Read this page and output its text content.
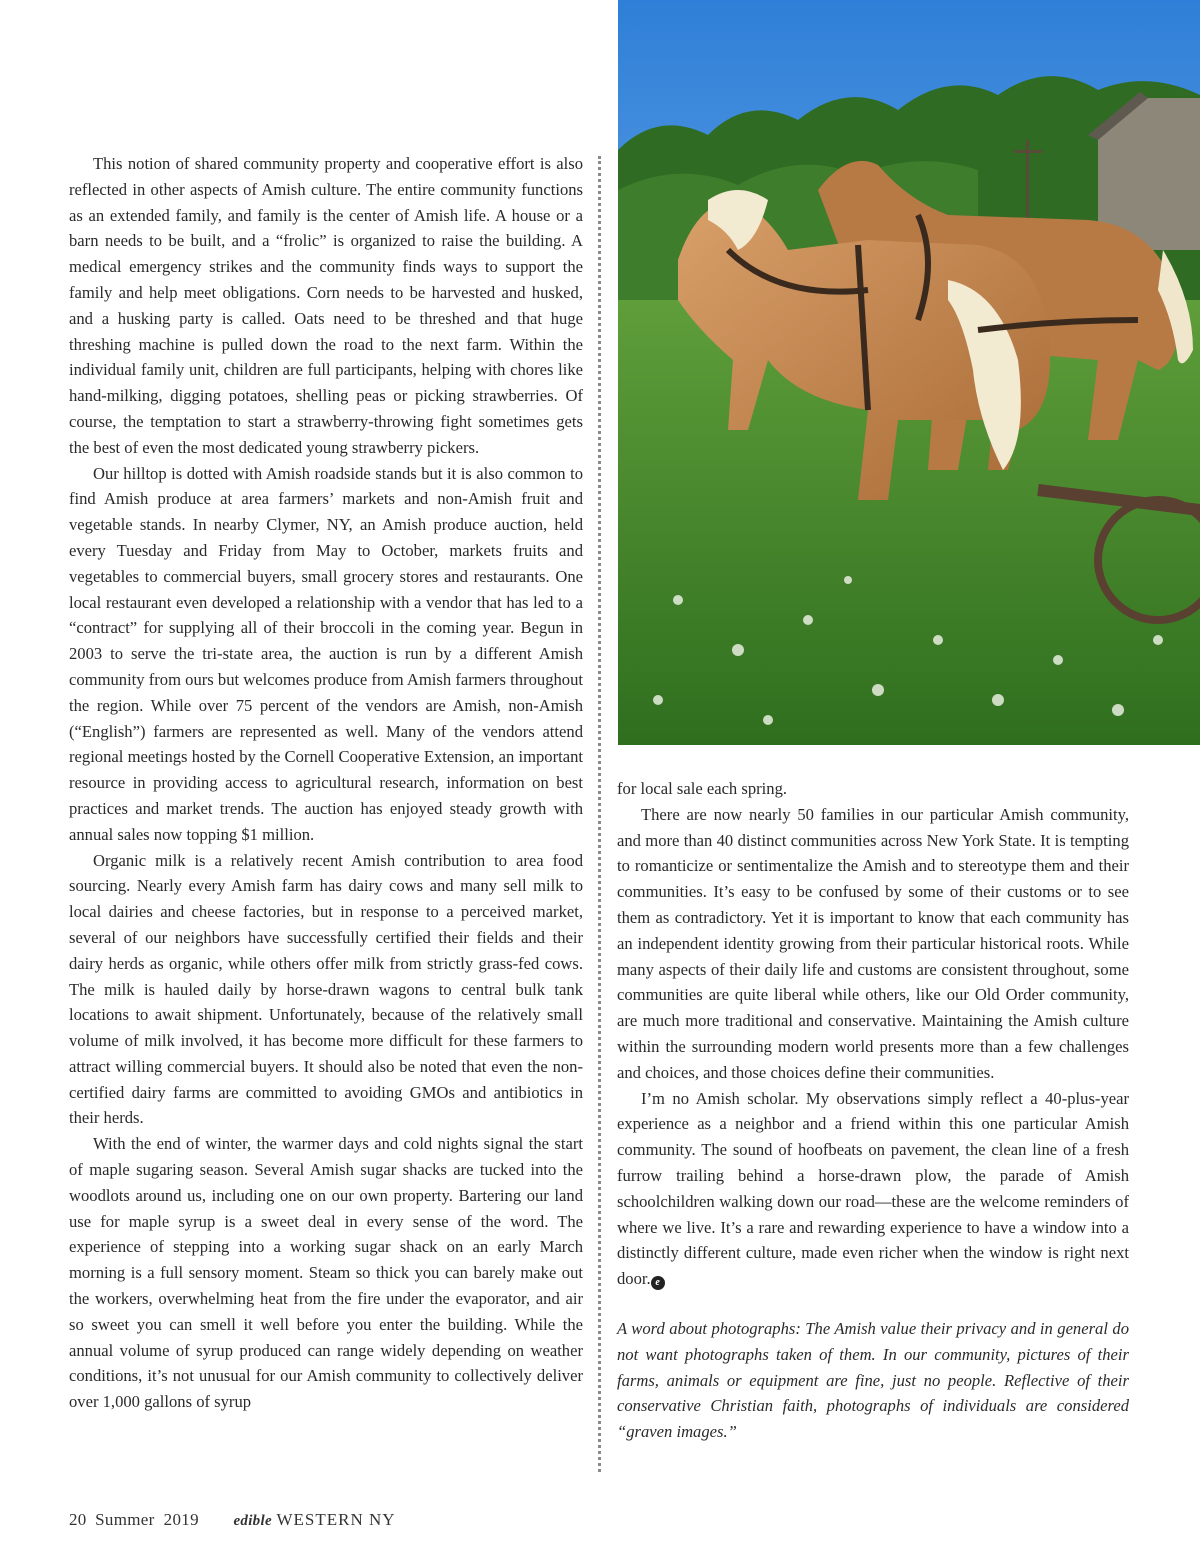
This notion of shared community property and cooperative effort is also reflected in other aspects of Amish culture. The entire community functions as an extended family, and family is the center of Amish life. A house or a barn needs to be built, and a “frolic” is organized to raise the building. A medical emergency strikes and the community finds ways to support the family and help meet obligations. Corn needs to be harvested and husked, and a husking party is called. Oats need to be threshed and that huge threshing machine is pulled down the road to the next farm. Within the individual family unit, children are full participants, helping with chores like hand-milking, digging potatoes, shelling peas or picking strawberries. Of course, the temptation to start a strawberry-throwing fight sometimes gets the best of even the most dedicated young strawberry pickers.

Our hilltop is dotted with Amish roadside stands but it is also common to find Amish produce at area farmers’ markets and non-Amish fruit and vegetable stands. In nearby Clymer, NY, an Amish produce auction, held every Tuesday and Friday from May to October, markets fruits and vegetables to commercial buyers, small grocery stores and restaurants. One local restaurant even developed a relationship with a vendor that has led to a “contract” for supplying all of their broccoli in the coming year. Begun in 2003 to serve the tri-state area, the auction is run by a different Amish community from ours but welcomes produce from Amish farmers throughout the region. While over 75 percent of the vendors are Amish, non-Amish (“English”) farmers are represented as well. Many of the vendors attend regional meetings hosted by the Cornell Cooperative Extension, an important resource in providing access to agricultural research, information on best practices and market trends. The auction has enjoyed steady growth with annual sales now topping $1 million.

Organic milk is a relatively recent Amish contribution to area food sourcing. Nearly every Amish farm has dairy cows and many sell milk to local dairies and cheese factories, but in response to a perceived market, several of our neighbors have successfully certified their fields and their dairy herds as organic, while others offer milk from strictly grass-fed cows. The milk is hauled daily by horse-drawn wagons to central bulk tank locations to await shipment. Unfortunately, because of the relatively small volume of milk involved, it has become more difficult for these farmers to attract willing commercial buyers. It should also be noted that even the non-certified dairy farms are committed to avoiding GMOs and antibiotics in their herds.

With the end of winter, the warmer days and cold nights signal the start of maple sugaring season. Several Amish sugar shacks are tucked into the woodlots around us, including one on our own property. Bartering our land use for maple syrup is a sweet deal in every sense of the word. The experience of stepping into a working sugar shack on an early March morning is a full sensory moment. Steam so thick you can barely make out the workers, overwhelming heat from the fire under the evaporator, and air so sweet you can smell it well before you enter the building. While the annual volume of syrup produced can range widely depending on weather conditions, it’s not unusual for our Amish community to collectively deliver over 1,000 gallons of syrup

for local sale each spring.

There are now nearly 50 families in our particular Amish community, and more than 40 distinct communities across New York State. It is tempting to romanticize or sentimentalize the Amish and to stereotype them and their communities. It’s easy to be confused by some of their customs or to see them as contradictory. Yet it is important to know that each community has an independent identity growing from their particular historical roots. While many aspects of their daily life and customs are consistent throughout, some communities are quite liberal while others, like our Old Order community, are much more traditional and conservative. Maintaining the Amish culture within the surrounding modern world presents more than a few challenges and choices, and those choices define their communities.

I’m no Amish scholar. My observations simply reflect a 40-plus-year experience as a neighbor and a friend within this one particular Amish community. The sound of hoofbeats on pavement, the clean line of a fresh furrow trailing behind a horse-drawn plow, the parade of Amish schoolchildren walking down our road—these are the welcome reminders of where we live. It’s a rare and rewarding experience to have a window into a distinctly different culture, made even richer when the window is right next door. e

A word about photographs: The Amish value their privacy and in general do not want photographs taken of them. In our community, pictures of their farms, animals or equipment are fine, just no people. Reflective of their conservative Christian faith, photographs of individuals are considered “graven images.”

20 Summer  2019 edible WESTERN NY
